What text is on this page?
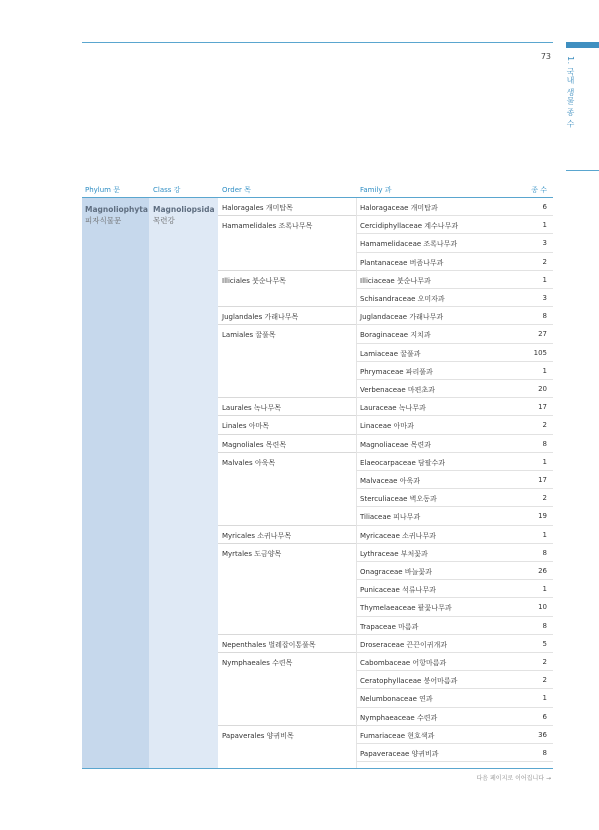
73	1. 국내 생물 종 수
Phylum 문	Class 강	Order 목	Family 과	종 수
Magnoliophyta
피자식물문
Magnoliopsida
목련강
Haloragales 개미탑목	Haloragaceae 개미탑과	6
Hamamelidales 조록나무목	Cercidiphyllaceae 계수나무과	1
Hamamelidaceae 조록나무과	3
Plantanaceae 버즘나무과	2
Illiciales 붓순나무목	Illiciaceae 붓순나무과	1
Schisandraceae 오미자과	3
Juglandales 가래나무목	Juglandaceae 가래나무과	8
Lamiales 꿀풀목	Boraginaceae 지치과	27
Lamiaceae 꿀풀과	105
Phrymaceae 파리풀과	1
Verbenaceae 마편초과	20
Laurales 녹나무목	Lauraceae 녹나무과	17
Linales 아마목	Linaceae 아마과	2
Magnoliales 목련목	Magnoliaceae 목련과	8
Malvales 아욱목	Elaeocarpaceae 담팔수과	1
Malvaceae 아욱과	17
Sterculiaceae 벽오동과	2
Tiliaceae 피나무과	19
Myricales 소귀나무목	Myricaceae 소귀나무과	1
Myrtales 도금양목	Lythraceae 부처꽃과	8
Onagraceae 바늘꽃과	26
Punicaceae 석류나무과	1
Thymelaeaceae 팥꽃나무과	10
Trapaceae 마름과	8
Nepenthales 벌레잡이통풀목	Droseraceae 끈끈이귀개과	5
Nymphaeales 수련목	Cabombaceae 어항마름과	2
Ceratophyllaceae 붕어마름과	2
Nelumbonaceae 연과	1
Nymphaeaceae 수련과	6
Papaverales 양귀비목	Fumariaceae 현호색과	36
Papaveraceae 양귀비과	8
다음 페이지로 이어집니다 →
